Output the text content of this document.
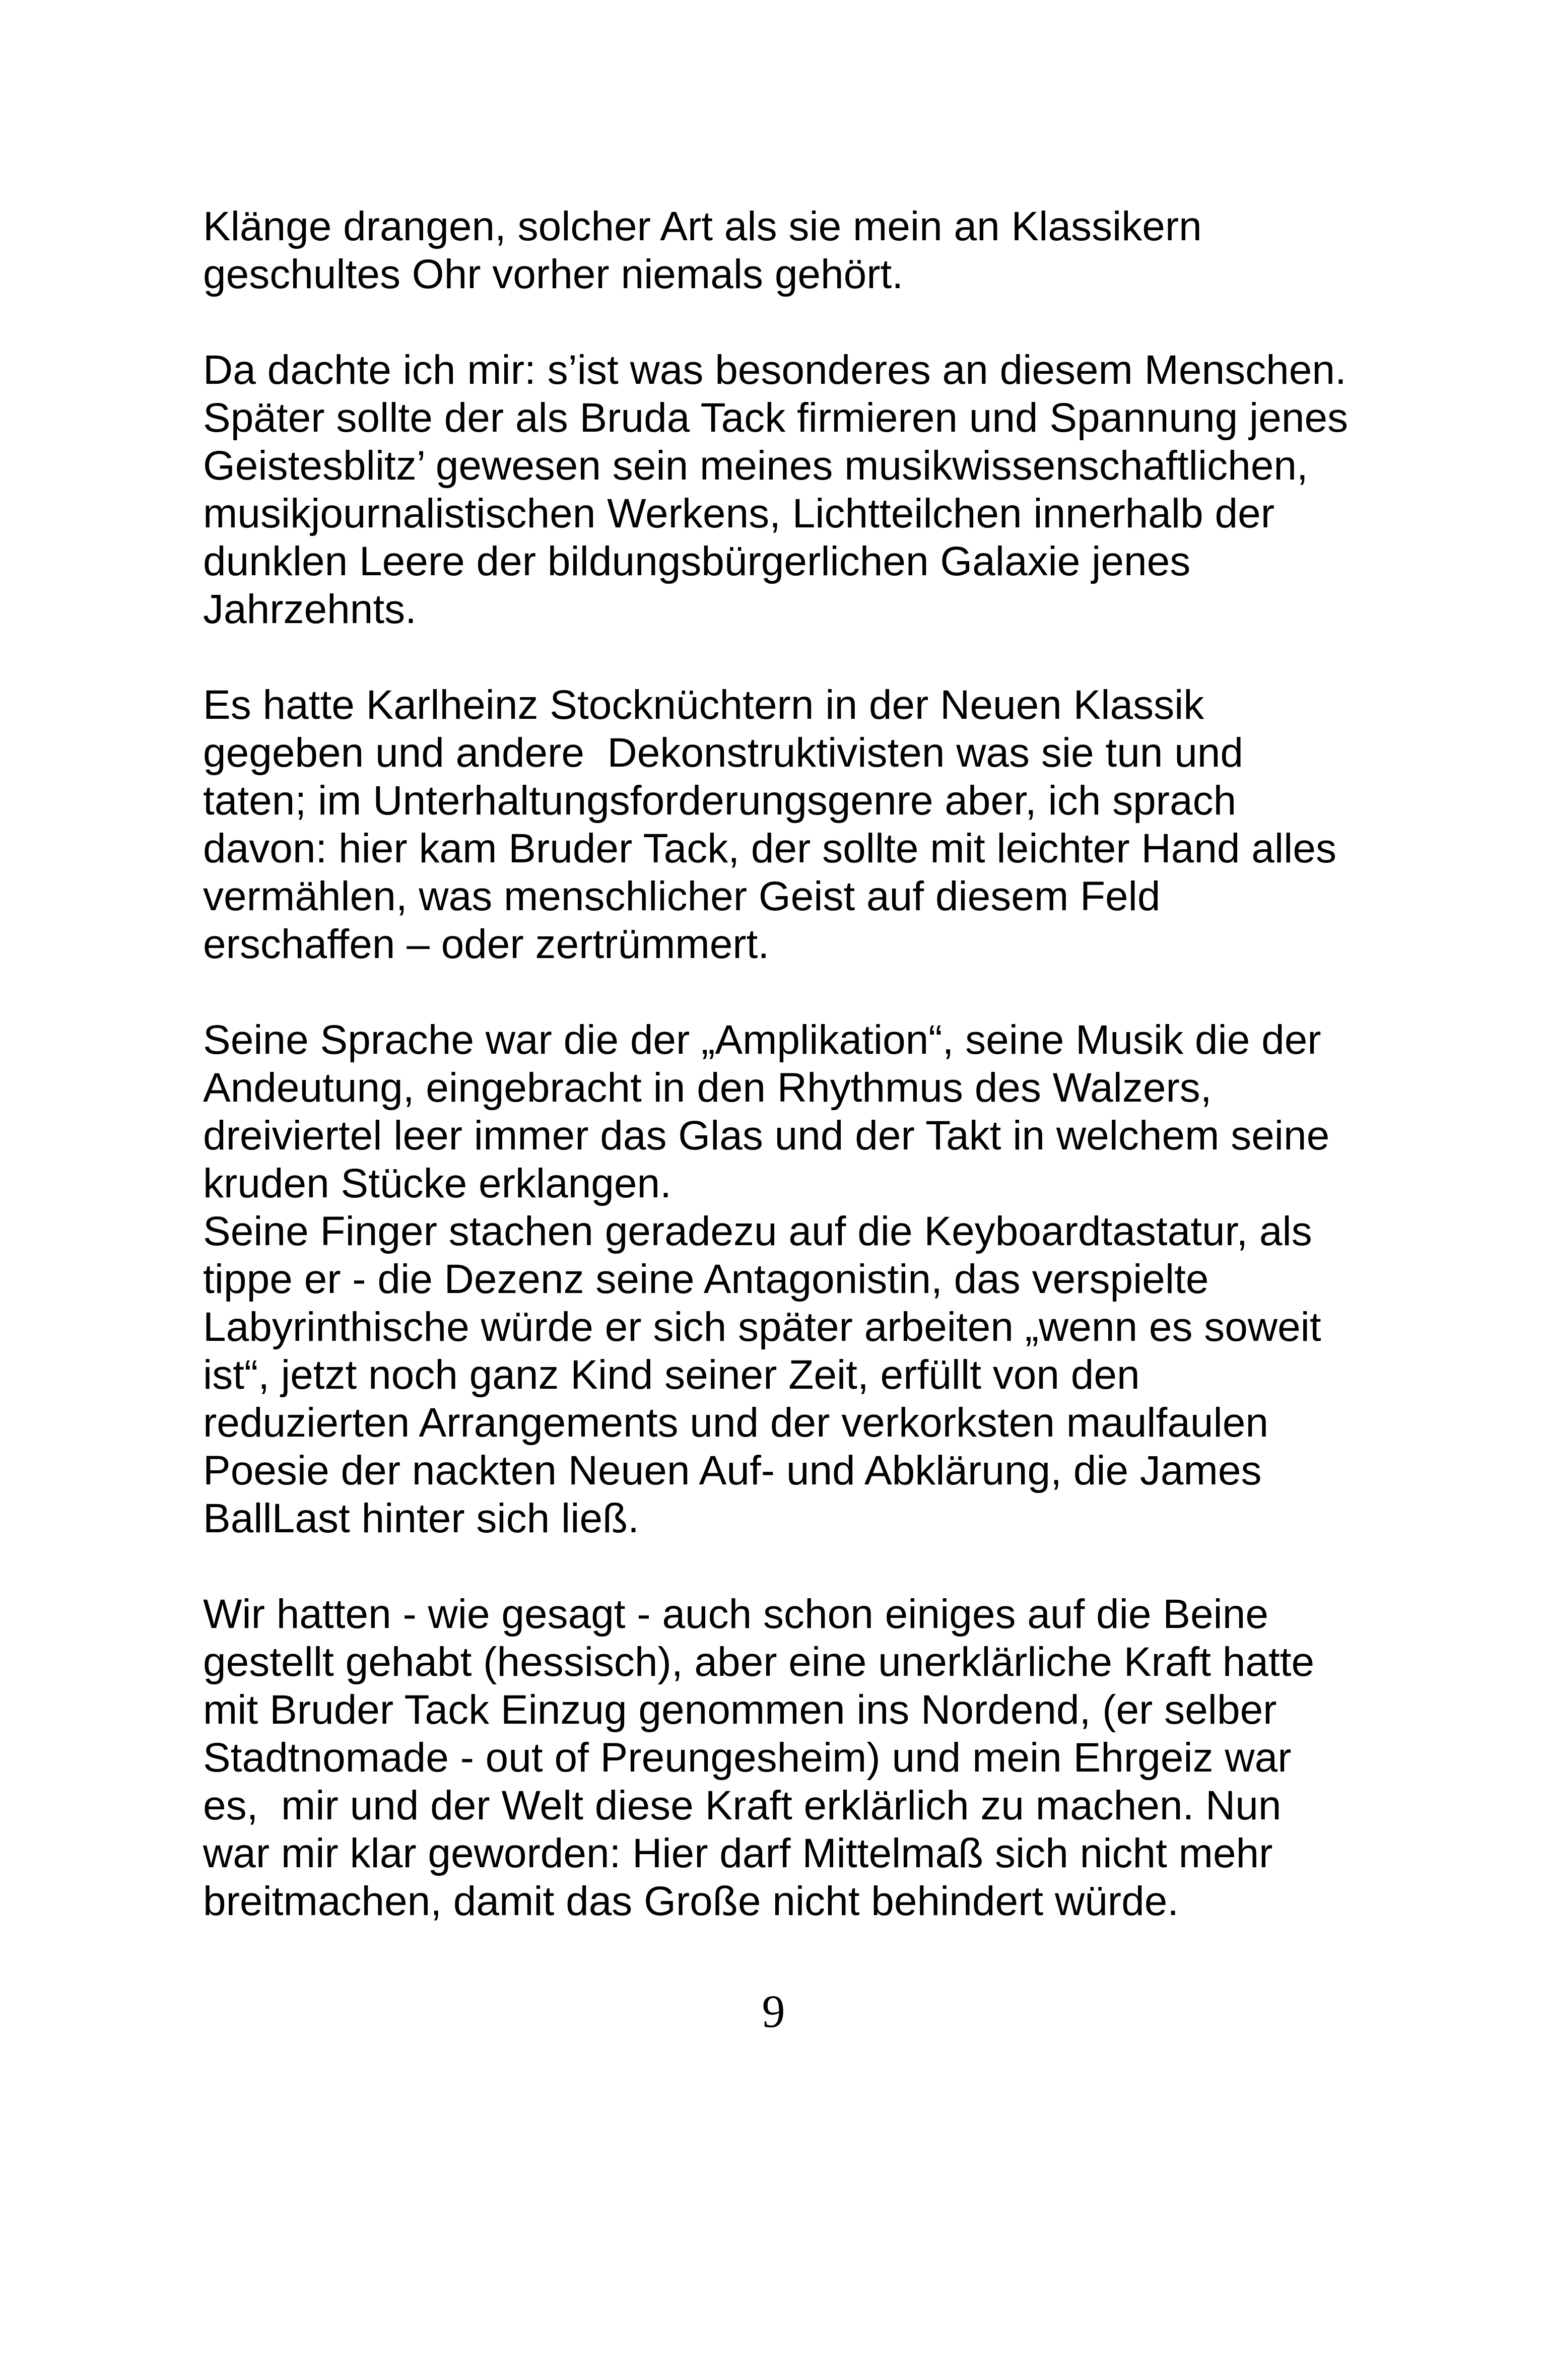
Klänge drangen, solcher Art als sie mein an Klassikern
geschultes Ohr vorher niemals gehört.

Da dachte ich mir: s’ist was besonderes an diesem Menschen.
Später sollte der als Bruda Tack firmieren und Spannung jenes
Geistesblitz’ gewesen sein meines musikwissenschaftlichen,
musikjournalistischen Werkens, Lichtteilchen innerhalb der
dunklen Leere der bildungsbürgerlichen Galaxie jenes
Jahrzehnts.

Es hatte Karlheinz Stocknüchtern in der Neuen Klassik
gegeben und andere  Dekonstruktivisten was sie tun und
taten; im Unterhaltungsforderungsgenre aber, ich sprach
davon: hier kam Bruder Tack, der sollte mit leichter Hand alles
vermählen, was menschlicher Geist auf diesem Feld
erschaffen – oder zertrümmert.

Seine Sprache war die der „Amplikation“, seine Musik die der
Andeutung, eingebracht in den Rhythmus des Walzers,
dreiviertel leer immer das Glas und der Takt in welchem seine
kruden Stücke erklangen.
Seine Finger stachen geradezu auf die Keyboardtastatur, als
tippe er - die Dezenz seine Antagonistin, das verspielte
Labyrinthische würde er sich später arbeiten „wenn es soweit
ist“, jetzt noch ganz Kind seiner Zeit, erfüllt von den
reduzierten Arrangements und der verkorksten maulfaulen
Poesie der nackten Neuen Auf- und Abklärung, die James
BallLast hinter sich ließ.

Wir hatten - wie gesagt - auch schon einiges auf die Beine
gestellt gehabt (hessisch), aber eine unerklärliche Kraft hatte
mit Bruder Tack Einzug genommen ins Nordend, (er selber
Stadtnomade - out of Preungesheim) und mein Ehrgeiz war
es,  mir und der Welt diese Kraft erklärlich zu machen. Nun
war mir klar geworden: Hier darf Mittelmaß sich nicht mehr
breitmachen, damit das Große nicht behindert würde.

9
